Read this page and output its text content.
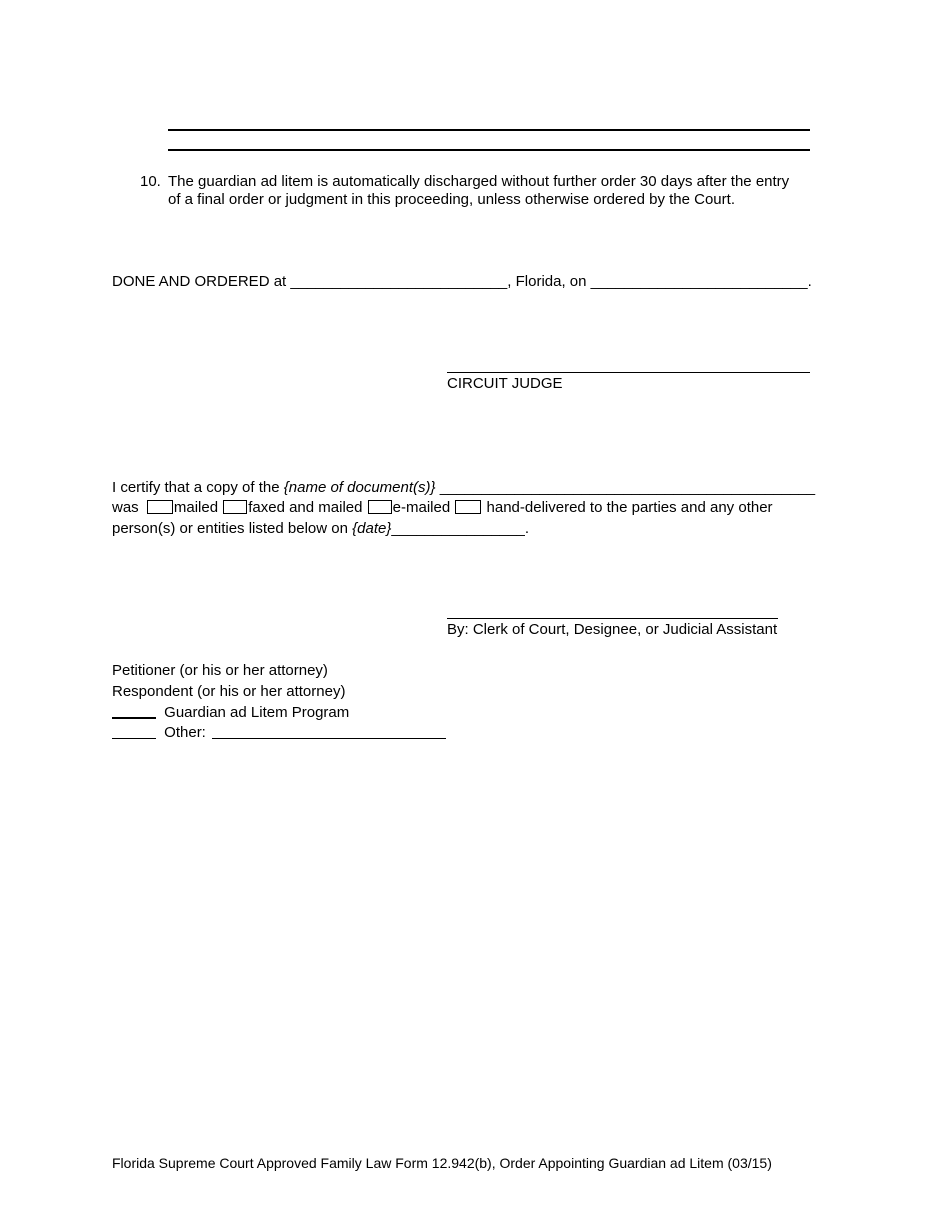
10. The guardian ad litem is automatically discharged without further order 30 days after the entry
of a final order or judgment in this proceeding, unless otherwise ordered by the Court.
DONE AND ORDERED at __________________________, Florida, on __________________________.
CIRCUIT JUDGE
I certify that a copy of the {name of document(s)} _____________________________________________
was mailed faxed and mailed e-mailed hand-delivered to the parties and any other
person(s) or entities listed below on {date}________________.
By: Clerk of Court, Designee, or Judicial Assistant
Petitioner (or his or her attorney)
Respondent (or his or her attorney)
Guardian ad Litem Program
Other:
Florida Supreme Court Approved Family Law Form 12.942(b), Order Appointing Guardian ad Litem (03/15)
